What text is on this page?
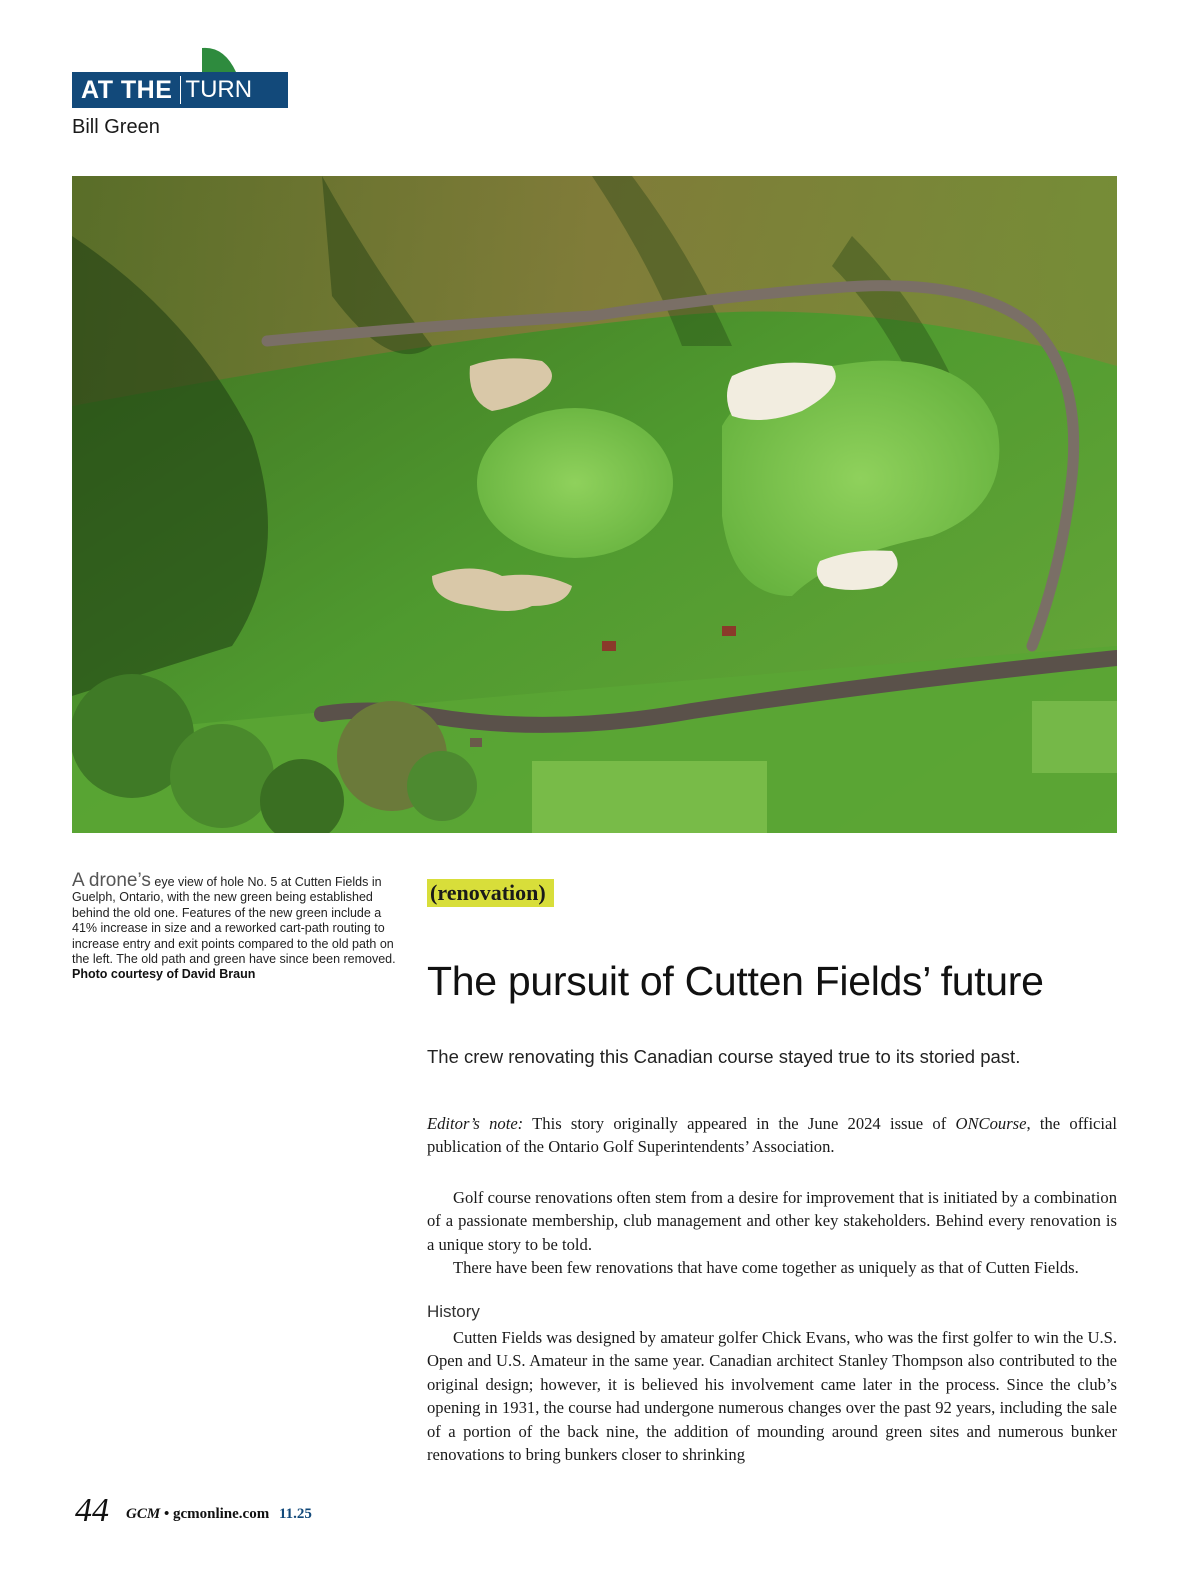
AT THE TURN
Bill Green
A drone’s eye view of hole No. 5 at Cutten Fields in Guelph, Ontario, with the new green being established behind the old one. Features of the new green include a 41% increase in size and a reworked cart-path routing to increase entry and exit points compared to the old path on the left. The old path and green have since been removed.
Photo courtesy of David Braun
(renovation)
The pursuit of Cutten Fields’ future
The crew renovating this Canadian course stayed true to its storied past.

Editor’s note: This story originally appeared in the June 2024 issue of ONCourse, the official publication of the Ontario Golf Superintendents’ Association.

Golf course renovations often stem from a desire for improvement that is initiated by a combination of a passionate membership, club management and other key stakeholders. Behind every renovation is a unique story to be told.

There have been few renovations that have come together as uniquely as that of Cutten Fields.

History

Cutten Fields was designed by amateur golfer Chick Evans, who was the first golfer to win the U.S. Open and U.S. Amateur in the same year. Canadian architect Stanley Thompson also contributed to the original design; however, it is believed his involvement came later in the process. Since the club’s opening in 1931, the course had undergone numerous changes over the past 92 years, including the sale of a portion of the back nine, the addition of mounding around green sites and numerous bunker renovations to bring bunkers closer to shrinking

44 GCM • gcmonline.com 11.25
